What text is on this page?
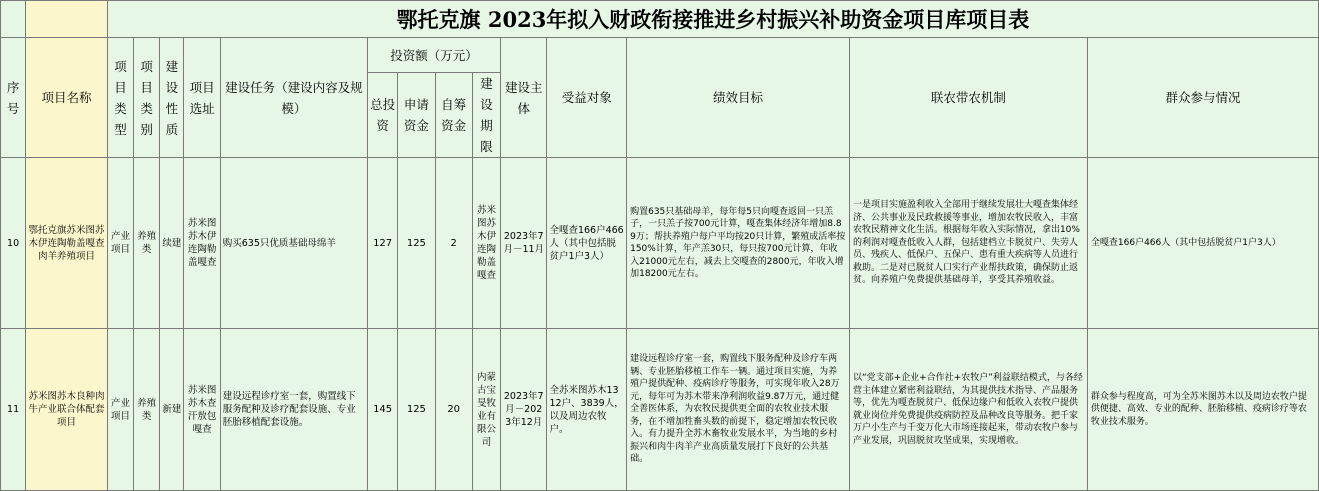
		鄂托克旗 2023年拟入财政衔接推进乡村振兴补助资金项目库项目表													
序号	项目名称	项目类型	项目类别	建设性质	项目选址	建设任务（建设内容及规模）	投资额（万元）				建设主体	受益对象	绩效目标	联农带农机制	群众参与情况
							总投资	申请资金	自筹资金	建设期限					
10	鄂托克旗苏米图苏木伊连陶勒盖嘎查肉羊养殖项目	产业项目	养殖类	续建	苏米图苏木伊连陶勒盖嘎查	购买635只优质基础母绵羊	127	125	2	苏米图苏木伊连陶勒盖嘎查	2023年7月－11月	全嘎查166户466人（其中包括脱贫户1户3人）	购置635只基础母羊，每年每5只向嘎查返回一只羔子，一只羔子按700元计算，嘎查集体经济年增加8.89万；帮扶养殖户每户平均按20只计算，繁殖成活率按150%计算，年产羔30只，每只按700元计算，年收入21000元左右，减去上交嘎查的2800元，年收入增加18200元左右。	一是项目实施盈利收入全部用于继续发展壮大嘎查集体经济、公共事业及民政救援等事业，增加农牧民收入，丰富农牧民精神文化生活。根据每年收入实际情况，拿出10%的利润对嘎查低收入人群，包括建档立卡脱贫户、失劳人员、残疾人、低保户、五保户、患有重大疾病等人员进行救助。二是对已脱贫人口实行产业帮扶政策，确保防止返贫。向养殖户免费提供基础母羊，享受其养殖收益。	全嘎查166户466人（其中包括脱贫户1户3人）
11	苏米图苏木良种肉牛产业联合体配套项目	产业项目	养殖类	新建	苏米图苏木查汗敖包嘎查	建设远程诊疗室一套，购置线下服务配种及诊疗配套设施、专业胚胎移植配套设施。	145	125	20	内蒙古宝旻牧业有限公司	2023年7月－2023年12月	全苏米图苏木1312户、3839人，以及周边农牧户。	建设远程诊疗室一套，购置线下服务配种及诊疗车两辆、专业胚胎移植工作车一辆。通过项目实施，为养殖户提供配种、疫病诊疗等服务，可实现年收入28万元，每年可为苏木带来净利润收益9.87万元，通过健全善医体系，为农牧民提供更全面的农牧业技术服务，在不增加牲畜头数的前提下，稳定增加农牧民收入。有力提升全苏木畜牧业发展水平，为当地的乡村振兴和肉牛肉羊产业高质量发展打下良好的公共基础。	以“党支部+企业+合作社+农牧户”利益联结模式，与各经营主体建立紧密利益联结，为其提供技术指导、产品服务等，优先为嘎查脱贫户、低保边缘户和低收入农牧户提供就业岗位并免费提供疫病防控及品种改良等服务。把千家万户小生产与千变万化大市场连接起来，带动农牧户参与产业发展，巩固脱贫攻坚成果，实现增收。	群众参与程度高，可为全苏米图苏木以及周边农牧户提供便捷、高效、专业的配种、胚胎移植、疫病诊疗等农牧业技术服务。
